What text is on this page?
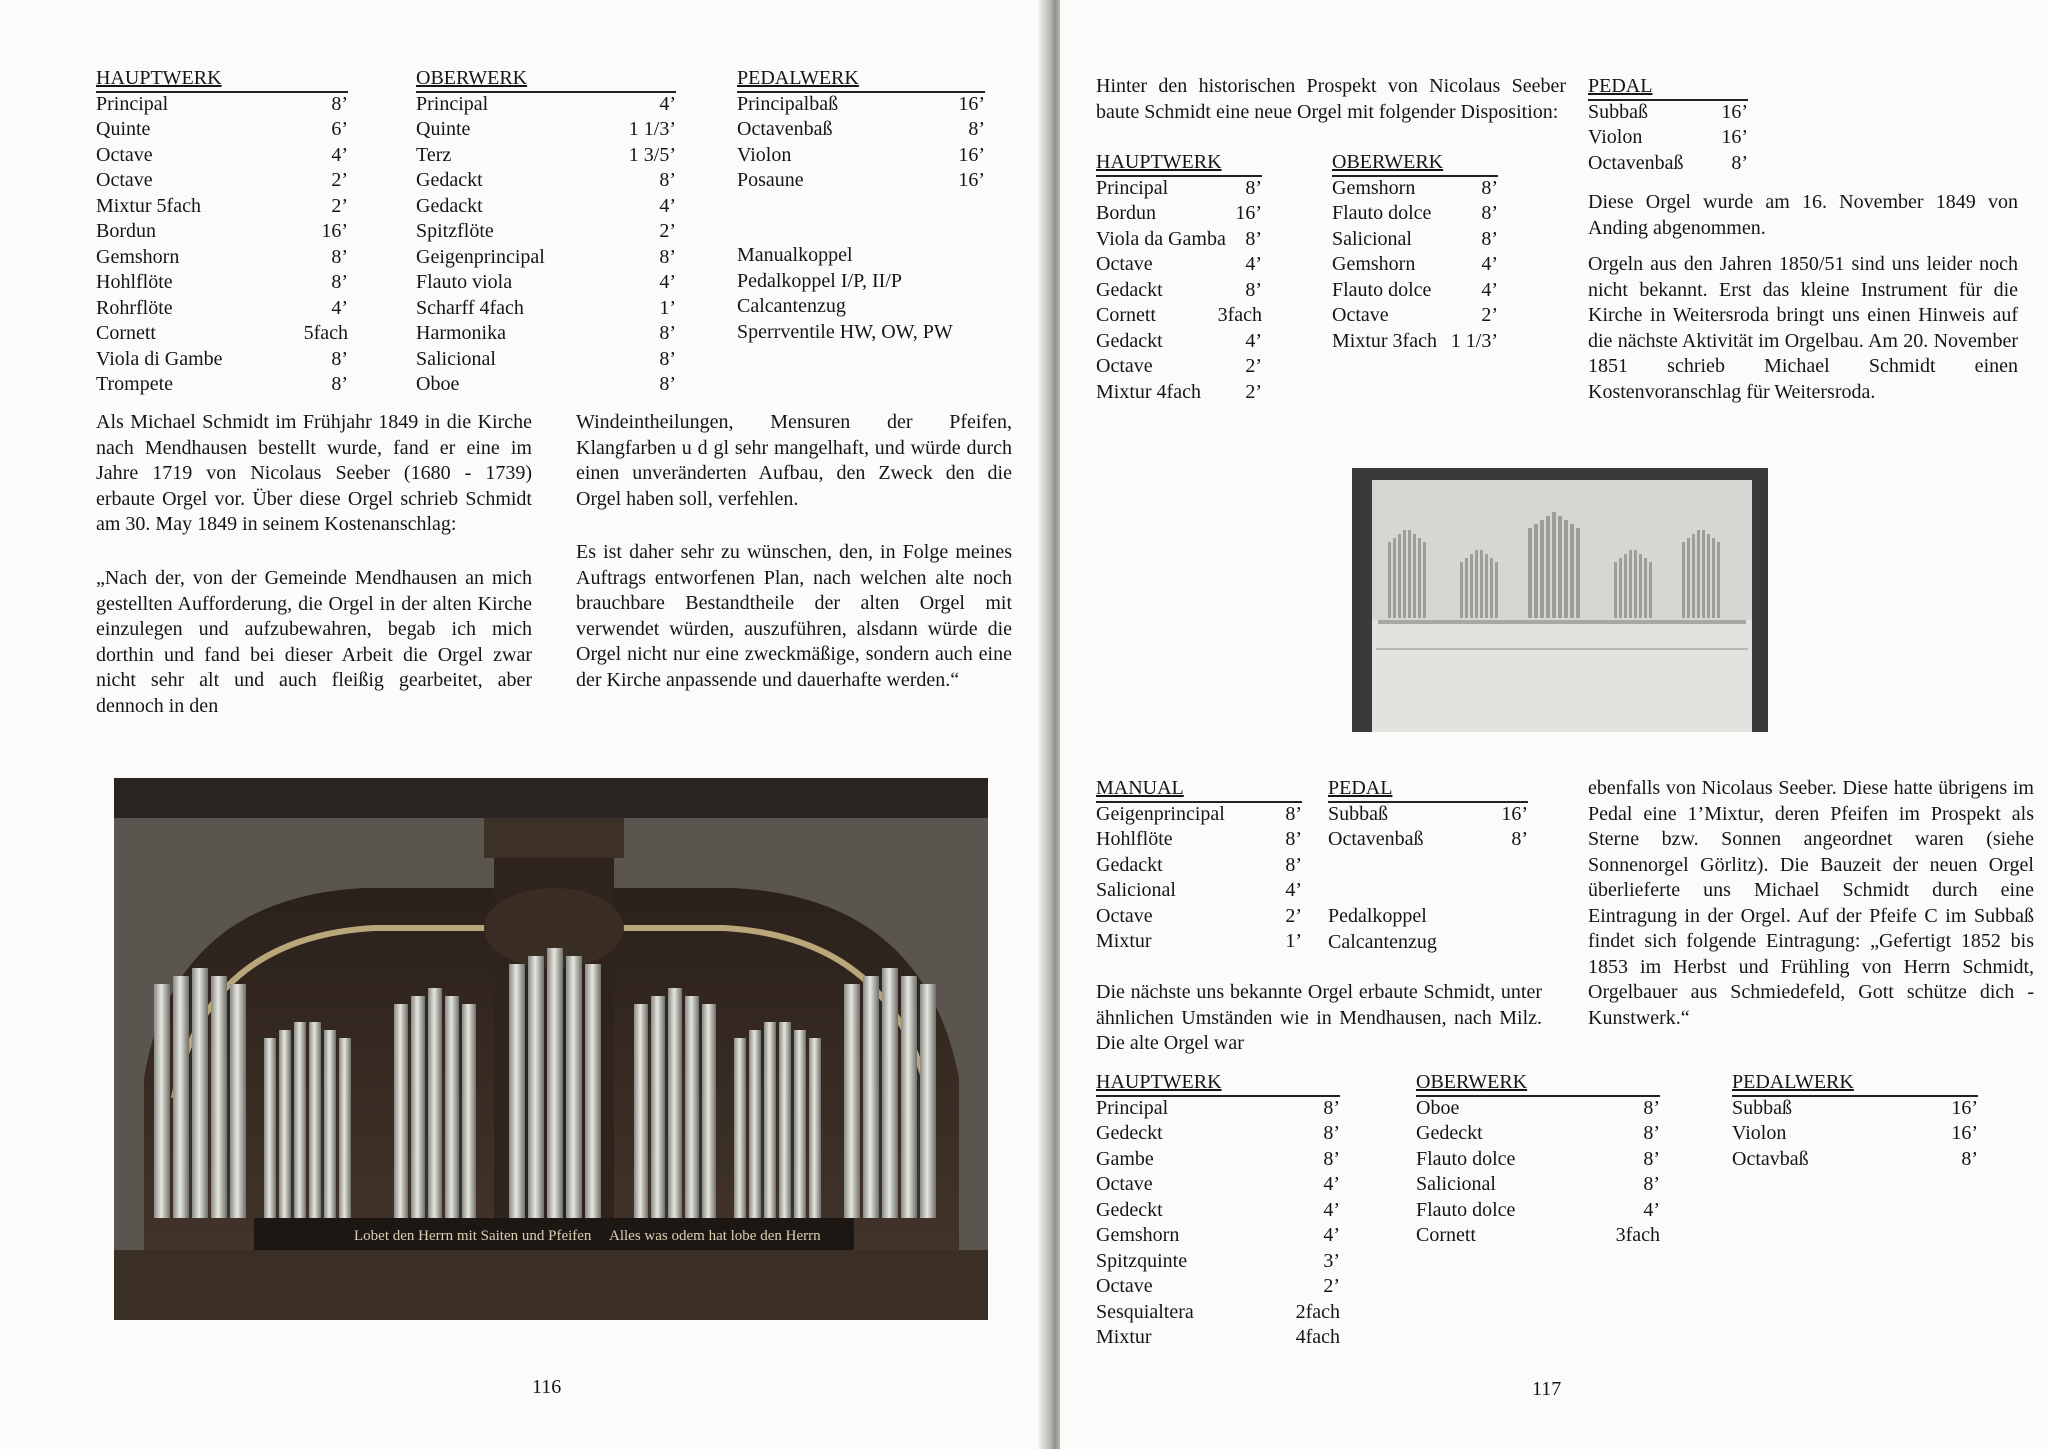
HAUPTWERK
Principal	8’
Quinte	6’
Octave	4’
Octave	2’
Mixtur 5fach	2’
Bordun	16’
Gemshorn	8’
Hohlflöte	8’
Rohrflöte	4’
Cornett	5fach
Viola di Gambe	8’
Trompete	8’
OBERWERK
Principal	4’
Quinte	1 1/3’
Terz	1 3/5’
Gedackt	8’
Gedackt	4’
Spitzflöte	2’
Geigenprincipal	8’
Flauto viola	4’
Scharff 4fach	1’
Harmonika	8’
Salicional	8’
Oboe	8’
PEDALWERK
Principalbaß	16’
Octavenbaß	8’
Violon	16’
Posaune	16’
Manualkoppel
Pedalkoppel I/P, II/P
Calcantenzug
Sperrventile HW, OW, PW

Als Michael Schmidt im Frühjahr 1849 in die Kirche nach Mendhausen bestellt wurde, fand er eine im Jahre 1719 von Nicolaus Seeber (1680 - 1739) erbaute Orgel vor. Über diese Orgel schrieb Schmidt am 30. May 1849 in seinem Kostenanschlag:

„Nach der, von der Gemeinde Mendhausen an mich gestellten Aufforderung, die Orgel in der alten Kirche einzulegen und aufzubewahren, begab ich mich dorthin und fand bei dieser Arbeit die Orgel zwar nicht sehr alt und auch fleißig gearbeitet, aber dennoch in den

Windeintheilungen, Mensuren der Pfeifen, Klangfarben u d gl sehr mangelhaft, und würde durch einen unveränderten Aufbau, den Zweck den die Orgel haben soll, verfehlen.

Es ist daher sehr zu wünschen, den, in Folge meines Auftrags entworfenen Plan, nach welchen alte noch brauchbare Bestandtheile der alten Orgel mit verwendet würden, auszuführen, alsdann würde die Orgel nicht nur eine zweckmäßige, sondern auch eine der Kirche anpassende und dauerhafte werden.“

Lobet den Herrn mit Saiten und Pfeifen Alles was odem hat lobe den Herrn
116

Hinter den historischen Prospekt von Nicolaus Seeber baute Schmidt eine neue Orgel mit folgender Disposition:

HAUPTWERK
Principal	8’
Bordun	16’
Viola da Gamba 8’
Octave	4’
Gedackt	8’
Cornett	3fach
Gedackt	4’
Octave	2’
Mixtur 4fach 2’
OBERWERK
Gemshorn	8’
Flauto dolce 8’
Salicional	8’
Gemshorn	4’
Flauto dolce 4’
Octave	2’
Mixtur 3fach 1 1/3’
PEDAL
Subbaß	16’
Violon	16’
Octavenbaß 8’

Diese Orgel wurde am 16. November 1849 von Anding abgenommen.

Orgeln aus den Jahren 1850/51 sind uns leider noch nicht bekannt. Erst das kleine Instrument für die Kirche in Weitersroda bringt uns einen Hinweis auf die nächste Aktivität im Orgelbau. Am 20. November 1851 schrieb Michael Schmidt einen Kostenvoranschlag für Weitersroda.

MANUAL
Geigenprincipal	8’
Hohlflöte	8’
Gedackt	8’
Salicional	4’
Octave	2’
Mixtur	1’
PEDAL
Subbaß	16’
Octavenbaß	8’
Pedalkoppel
Calcantenzug

Die nächste uns bekannte Orgel erbaute Schmidt, unter ähnlichen Umständen wie in Mendhausen, nach Milz. Die alte Orgel war

ebenfalls von Nicolaus Seeber. Diese hatte übrigens im Pedal eine 1’Mixtur, deren Pfeifen im Prospekt als Sterne bzw. Sonnen angeordnet waren (siehe Sonnenorgel Görlitz). Die Bauzeit der neuen Orgel überlieferte uns Michael Schmidt durch eine Eintragung in der Orgel. Auf der Pfeife C im Subbaß findet sich folgende Eintragung: „Gefertigt 1852 bis 1853 im Herbst und Frühling von Herrn Schmidt, Orgelbauer aus Schmiedefeld, Gott schütze dich - Kunstwerk.“

HAUPTWERK
Principal	8’
Gedeckt	8’
Gambe	8’
Octave	4’
Gedeckt	4’
Gemshorn	4’
Spitzquinte	3’
Octave	2’
Sesquialtera	2fach
Mixtur	4fach
OBERWERK
Oboe	8’
Gedeckt	8’
Flauto dolce	8’
Salicional	8’
Flauto dolce	4’
Cornett	3fach
PEDALWERK
Subbaß	16’
Violon	16’
Octavbaß	8’
117
